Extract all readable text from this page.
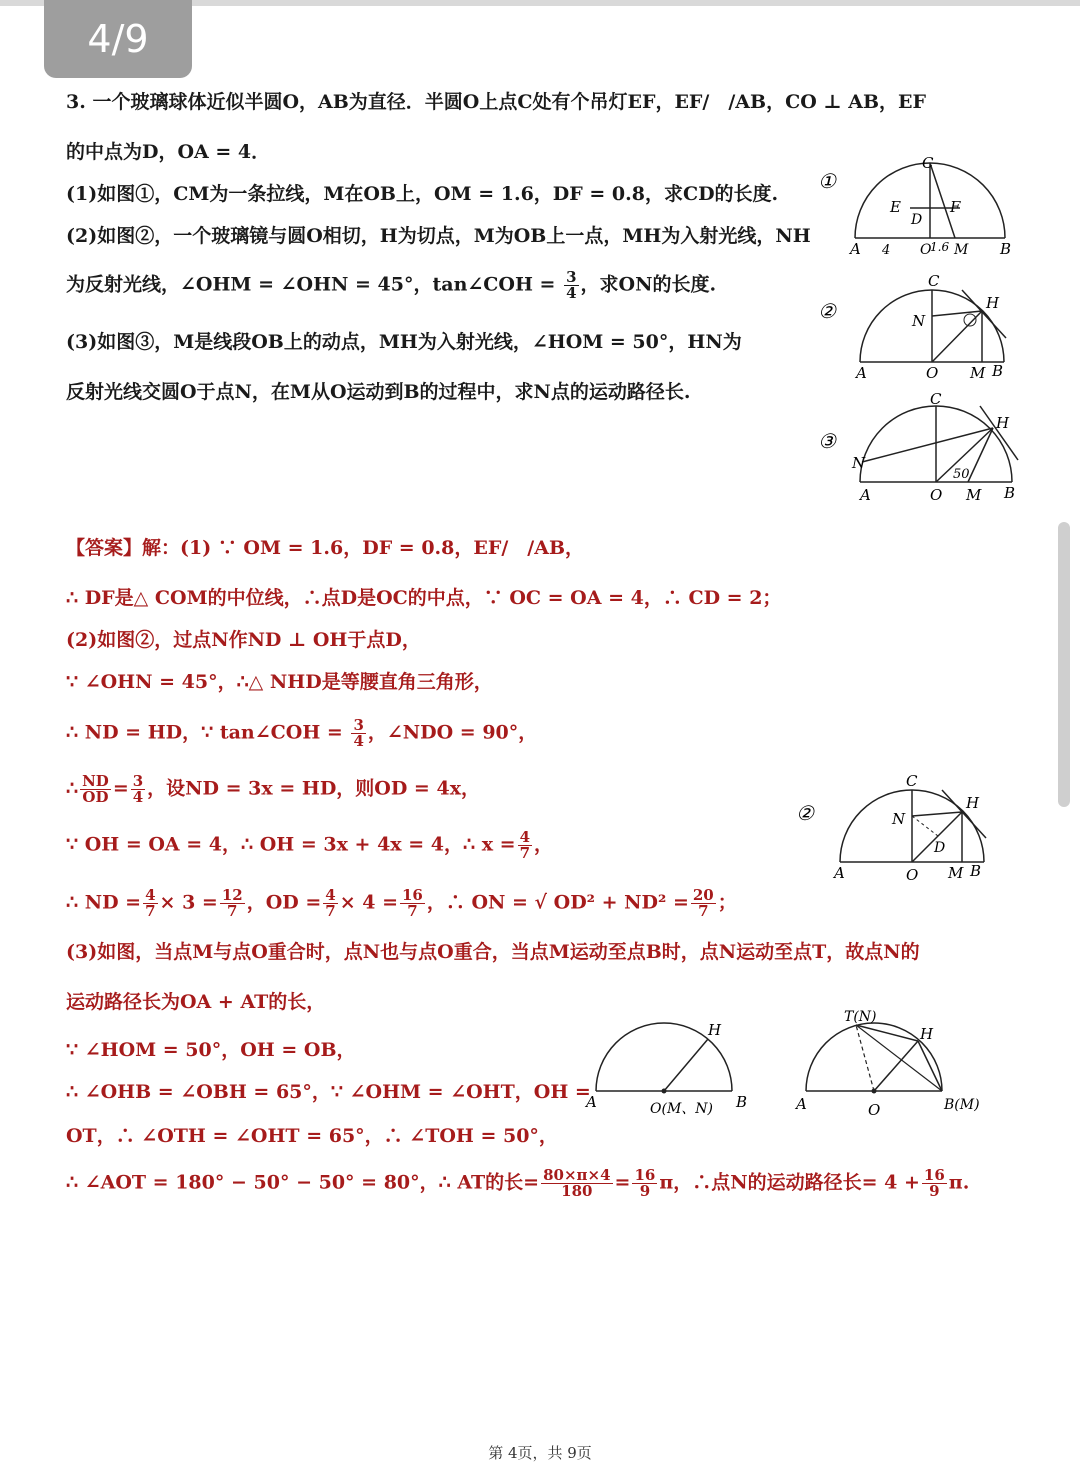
4/9
3. 一个玻璃球体近似半圆O，AB为直径．半圆O上点C处有个吊灯EF，EF/　/AB，CO ⊥ AB，EF
的中点为D，OA = 4．
(1)如图①，CM为一条拉线，M在OB上，OM = 1.6，DF = 0.8，求CD的长度.
(2)如图②，一个玻璃镜与圆O相切，H为切点，M为OB上一点，MH为入射光线，NH
为反射光线，∠OHM = ∠OHN = 45°，tan∠COH = $\frac{3}{4}$ ，求ON的长度.
(3)如图③，M是线段OB上的动点，MH为入射光线，∠HOM = 50°，HN为
反射光线交圆O于点N，在M从O运动到B的过程中，求N点的运动路径长.
①
C
E
D
F
A 4 O
1.6 M B
②
C
H
N
A	O M B
③
C
H
N
50
A	O M B
【答案】解：(1) ∵ OM = 1.6，DF = 0.8，EF/　/AB，
∴ DF是△ COM的中位线，∴点D是OC的中点，∵ OC = OA = 4，∴ CD = 2；
(2)如图②，过点N作ND ⊥ OH于点D，
∵ ∠OHN = 45°，∴△ NHD是等腰直角三角形，
∴ ND = HD，∵ tan∠COH = $\frac{3}{4}$ ，∠NDO = 90°，
∴ $\frac{ND}{OD} = \frac{3}{4}$ ，设ND = 3x = HD，则OD = 4x，
∵ OH = OA = 4，∴ OH = 3x + 4x = 4，∴ $x = \frac{4}{7}$ ，
∴ ND = $\frac{4}{7} \times 3 = \frac{12}{7}$ ，OD = $\frac{4}{7} \times 4 = \frac{16}{7}$ ，∴ ON = √ $OD^2 + ND^2 = \frac{20}{7}$ ；
(3)如图，当点M与点O重合时，点N也与点O重合，当点M运动至点B时，点N运动至点T，故点N的
运动路径长为OA + AT的长，
∵ ∠HOM = 50°，OH = OB，
∴ ∠OHB = ∠OBH = 65°，∵ ∠OHM = ∠OHT，OH =
OT，∴ ∠OTH = ∠OHT = 65°，∴ ∠TOH = 50°，
∴ ∠AOT = 180° − 50° − 50° = 80°，∴ AT的长= $\frac{80\times\pi\times 4}{180} = \frac{16}{9}$ π，∴点N的运动路径长= $4 + \frac{16}{9} \pi$.
②
C
H
N
D
A	O M B
H
A	O(M、N) B
T(N)
H
A	O	B(M)
第 4页，共 9页
